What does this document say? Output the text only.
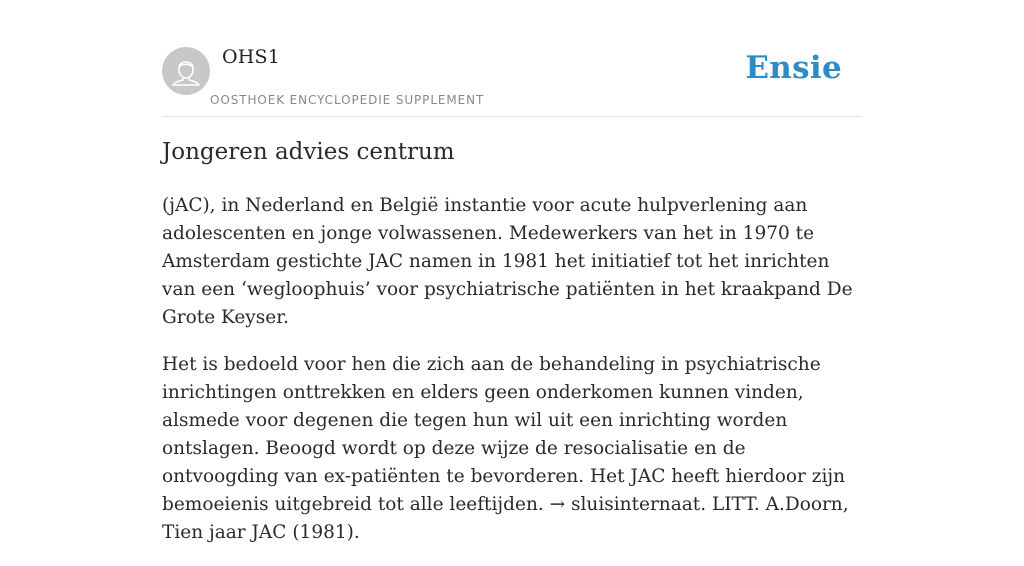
OHS1
OOSTHOEK ENCYCLOPEDIE SUPPLEMENT
Ensie
Jongeren advies centrum

(jAC), in Nederland en België instantie voor acute hulpverlening aan adolescenten en jonge volwassenen. Medewerkers van het in 1970 te Amsterdam gestichte JAC namen in 1981 het initiatief tot het inrichten van een ‘wegloophuis’ voor psychiatrische patiënten in het kraakpand De Grote Keyser.

Het is bedoeld voor hen die zich aan de behandeling in psychiatrische inrichtingen onttrekken en elders geen onderkomen kunnen vinden, alsmede voor degenen die tegen hun wil uit een inrichting worden ontslagen. Beoogd wordt op deze wijze de resocialisatie en de ontvoogding van ex-patiënten te bevorderen. Het JAC heeft hierdoor zijn bemoeienis uitgebreid tot alle leeftijden. → sluisinternaat. LITT. A.Doorn, Tien jaar JAC (1981).
